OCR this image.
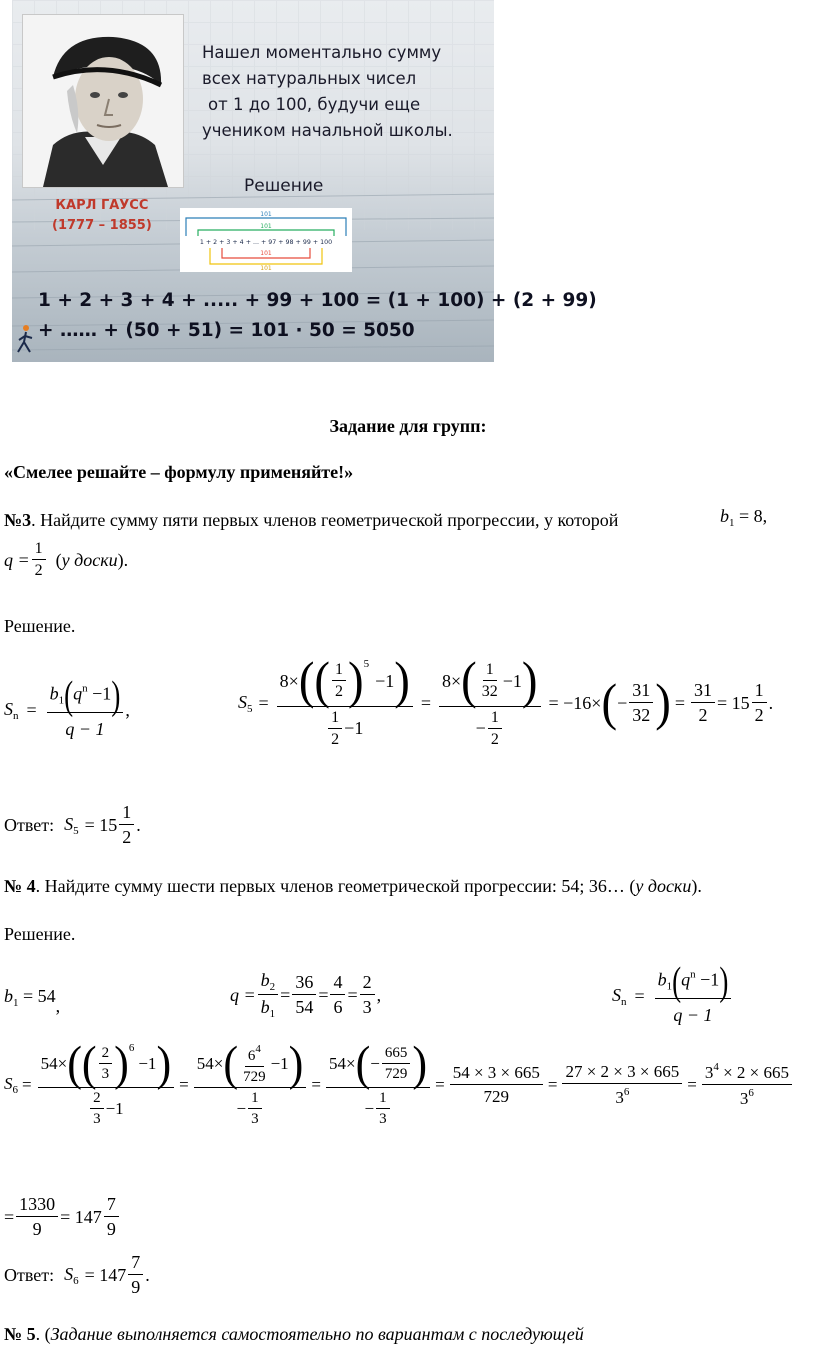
Нашел моментально сумму
всех натуральных чисел
от 1 до 100, будучи еще
учеником начальной школы.
Решение
КАРЛ ГАУСС
(1777 – 1855)
101
101
101
101
1 + 2 + 3 + 4 + ... + 97 + 98 + 99 + 100
1 + 2 + 3 + 4 + ..... + 99 + 100 = (1 + 100) + (2 + 99)
+ …… + (50 + 51) = 101 · 50 = 5050
Задание для групп:
«Смелее решайте – формулу применяйте!»
№3. Найдите сумму пяти первых членов геометрической прогрессии, у которой	$b_1 = 8$,
$q = \frac{1}{2}$ ( у доски ).
Решение.
$S_n = \frac{b_1(q^n -1)}{q - 1}$ ,	$S_5 = 8\times$ ( ( $\frac{1}{2}$ ) 5
−1 )
$\frac{1}{2} -1 = \frac{8\times ( \frac{1}{32} -1 )}{- \frac{1}{2}} = -16\times$ ( − $\frac{31}{32}$ ) = $\frac{31}{2} = 15 \frac{1}{2}$ .
Ответ: $S_5 = 15 \frac{1}{2}$ .
№ 4. Найдите сумму шести первых членов геометрической прогрессии: 54; 36… (у доски).
Решение.
$b_1 = 54$,
$q = \frac{b_2}{b_1} = \frac{36}{54} = \frac{4}{6} = \frac{2}{3}$ ,	$S_n = \frac{b_1(q^n -1)}{q - 1}$
$S_6 = 54\times$ ( ( $\frac{2}{3}$ ) 6
−1 )
$\frac{2}{3} -1 = \frac{54\times ( \frac{6^4}{729} -1 )}{- \frac{1}{3}} = \frac{54\times ( - \frac{665}{729} )}{- \frac{1}{3}} = \frac{54 \times 3 \times 665}{729} = \frac{27 \times 2 \times 3 \times 665}{3^6} = \frac{3^4 \times 2 \times 665}{3^6}$
= $\frac{1330}{9} = 147 \frac{7}{9}$
Ответ: $S_6 = 147 \frac{7}{9}$ .
№ 5. (Задание выполняется самостоятельно по вариантам с последующей
